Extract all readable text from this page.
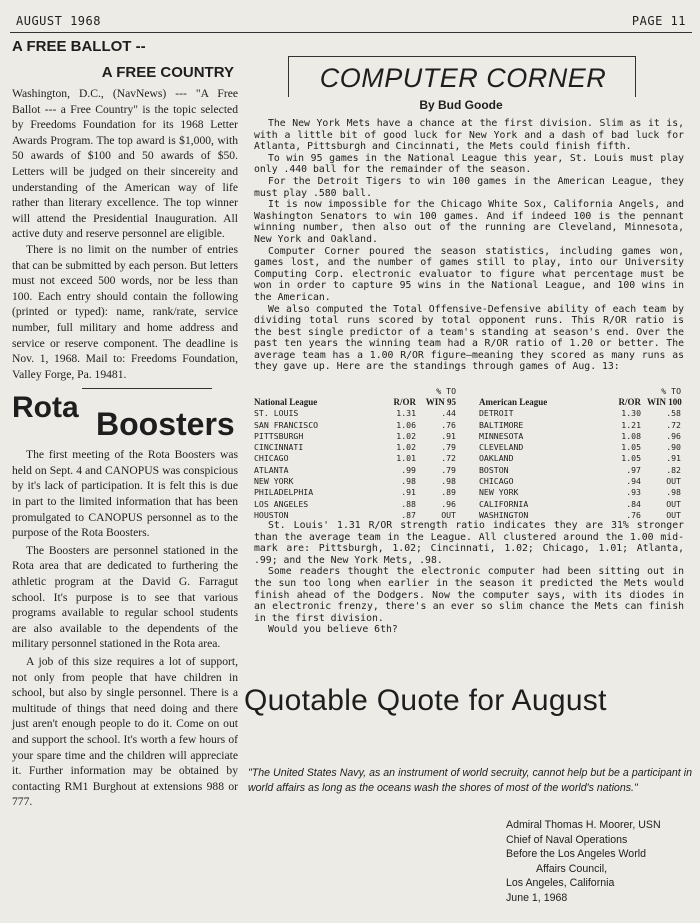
AUGUST 1968	PAGE 11
A FREE BALLOT --
A FREE COUNTRY

Washington, D.C., (NavNews) --- "A Free Ballot --- a Free Country" is the topic selected by Freedoms Foundation for its 1968 Letter Awards Program. The top award is $1,000, with 50 awards of $100 and 50 awards of $50. Letters will be judged on their sincereity and understanding of the American way of life rather than literary excellence. The top winner will attend the Presidential Inauguration. All active duty and reserve personnel are eligible.

There is no limit on the number of entries that can be submitted by each person. But letters must not exceed 500 words, nor be less than 100. Each entry should contain the following (printed or typed): name, rank/rate, service number, full military and home address and service or reserve component. The deadline is Nov. 1, 1968. Mail to: Freedoms Foundation, Valley Forge, Pa. 19481.

Rota Boosters

The first meeting of the Rota Boosters was held on Sept. 4 and CANOPUS was conspicious by it's lack of participation. It is felt this is due in part to the limited information that has been promulgated to CANOPUS personnel as to the purpose of the Rota Boosters.

The Boosters are personnel stationed in the Rota area that are dedicated to furthering the athletic program at the David G. Farragut school. It's purpose is to see that various programs available to regular school students are also available to the dependents of the military personnel stationed in the Rota area.

A job of this size requires a lot of support, not only from people that have children in school, but also by single personnel. There is a multitude of things that need doing and there just aren't enough people to do it. Come on out and support the school. It's worth a few hours of your spare time and the children will appreciate it. Further information may be obtained by contacting RM1 Burghout at extensions 988 or 777.

COMPUTER CORNER
By Bud Goode

The New York Mets have a chance at the first division. Slim as it is, with a little bit of good luck for New York and a dash of bad luck for Atlanta, Pittsburgh and Cincinnati, the Mets could finish fifth.

To win 95 games in the National League this year, St. Louis must play only .440 ball for the remainder of the season.

For the Detroit Tigers to win 100 games in the American League, they must play .580 ball.

It is now impossible for the Chicago White Sox, California Angels, and Washington Senators to win 100 games. And if indeed 100 is the pennant winning number, then also out of the running are Cleveland, Minnesota, New York and Oakland.

Computer Corner poured the season statistics, including games won, games lost, and the number of games still to play, into our University Computing Corp. electronic evaluator to figure what percentage must be won in order to capture 95 wins in the National League, and 100 wins in the American.

We also computed the Total Offensive-Defensive ability of each team by dividing total runs scored by total opponent runs. This R/OR ratio is the best single predictor of a team's standing at season's end. Over the past ten years the winning team had a R/OR ratio of 1.20 or better. The average team has a 1.00 R/OR figure—meaning they scored as many runs as they gave up. Here are the standings through games of Aug. 13:

% TO
National League	R/OR	WIN 95
ST. LOUIS	1.31	.44
SAN FRANCISCO	1.06	.76
PITTSBURGH	1.02	.91
CINCINNATI	1.02	.79
CHICAGO	1.01	.72
ATLANTA	.99	.79
NEW YORK	.98	.98
PHILADELPHIA	.91	.89
LOS ANGELES	.88	.96
HOUSTON	.87	OUT
% TO
American League	R/OR WIN 100
DETROIT	1.30	.58
BALTIMORE	1.21	.72
MINNESOTA	1.08	.96
CLEVELAND	1.05	.90
OAKLAND	1.05	.91
BOSTON	.97	.82
CHICAGO	.94	OUT
NEW YORK	.93	.98
CALIFORNIA	.84	OUT
WASHINGTON	.76	OUT

St. Louis' 1.31 R/OR strength ratio indicates they are 31% stronger than the average team in the League. All clustered around the 1.00 mid-mark are: Pittsburgh, 1.02; Cincinnati, 1.02; Chicago, 1.01; Atlanta, .99; and the New York Mets, .98.

Some readers thought the electronic computer had been sitting out in the sun too long when earlier in the season it predicted the Mets would finish ahead of the Dodgers. Now the computer says, with its diodes in an electronic frenzy, there's an ever so slim chance the Mets can finish in the first division.

Would you believe 6th?

Quotable Quote for August

"The United States Navy, as an instrument of world secruity, cannot help but be a participant in world affairs as long as the oceans wash the shores of most of the world's nations."

Admiral Thomas H. Moorer, USN
Chief of Naval Operations
Before the Los Angeles World
Affairs Council,
Los Angeles, California
June 1, 1968
